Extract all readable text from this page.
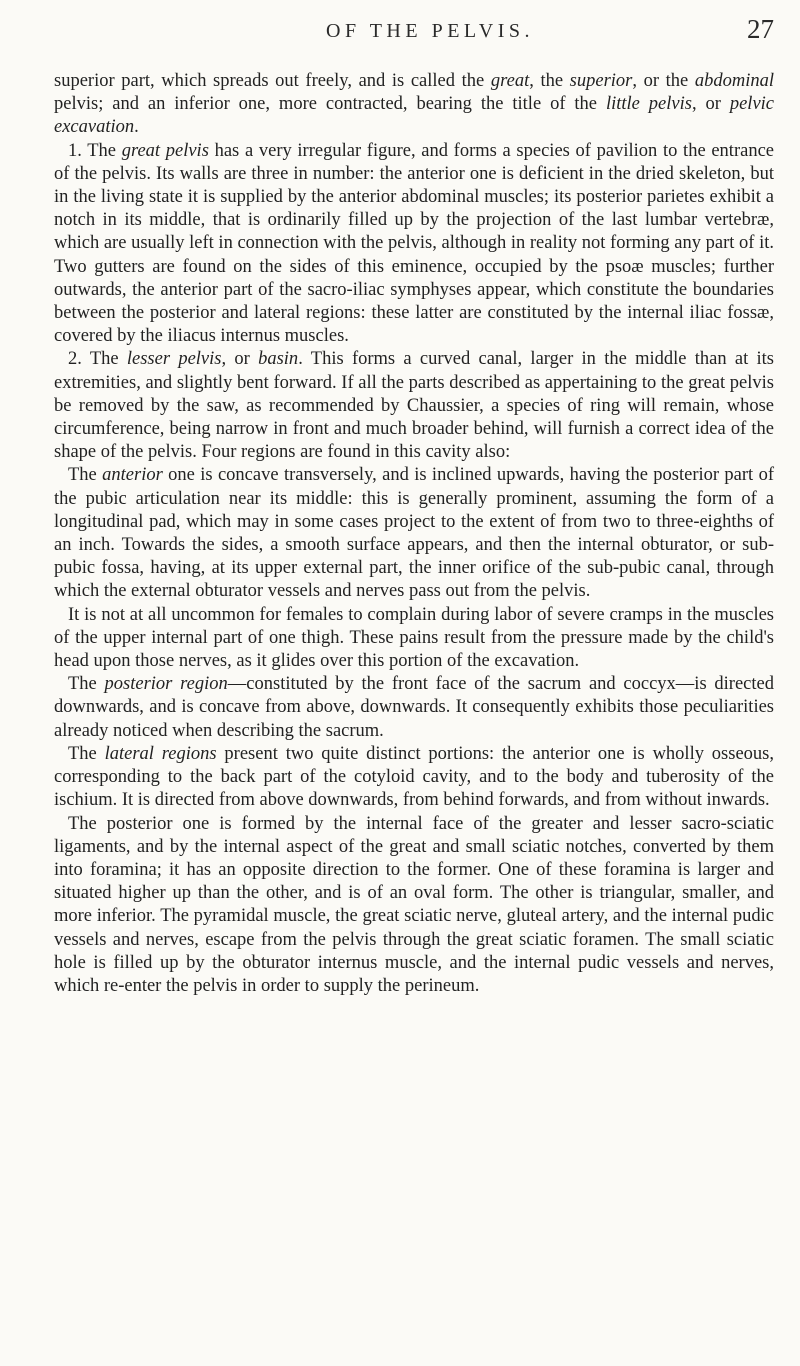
OF THE PELVIS.	27

superior part, which spreads out freely, and is called the great, the superior, or the abdominal pelvis; and an inferior one, more contracted, bearing the title of the little pelvis, or pelvic excavation.

1. The great pelvis has a very irregular figure, and forms a species of pavilion to the entrance of the pelvis. Its walls are three in number: the anterior one is deficient in the dried skeleton, but in the living state it is supplied by the anterior abdominal muscles; its posterior parietes exhibit a notch in its middle, that is ordinarily filled up by the projection of the last lumbar vertebræ, which are usually left in connection with the pelvis, although in reality not forming any part of it. Two gutters are found on the sides of this eminence, occupied by the psoæ muscles; further outwards, the anterior part of the sacro-iliac symphyses appear, which constitute the boundaries between the posterior and lateral regions: these latter are constituted by the internal iliac fossæ, covered by the iliacus internus muscles.

2. The lesser pelvis, or basin. This forms a curved canal, larger in the middle than at its extremities, and slightly bent forward. If all the parts described as appertaining to the great pelvis be removed by the saw, as recommended by Chaussier, a species of ring will remain, whose circumference, being narrow in front and much broader behind, will furnish a correct idea of the shape of the pelvis. Four regions are found in this cavity also:

The anterior one is concave transversely, and is inclined upwards, having the posterior part of the pubic articulation near its middle: this is generally prominent, assuming the form of a longitudinal pad, which may in some cases project to the extent of from two to three-eighths of an inch. Towards the sides, a smooth surface appears, and then the internal obturator, or sub-pubic fossa, having, at its upper external part, the inner orifice of the sub-pubic canal, through which the external obturator vessels and nerves pass out from the pelvis.

It is not at all uncommon for females to complain during labor of severe cramps in the muscles of the upper internal part of one thigh. These pains result from the pressure made by the child's head upon those nerves, as it glides over this portion of the excavation.

The posterior region—constituted by the front face of the sacrum and coccyx—is directed downwards, and is concave from above, downwards. It consequently exhibits those peculiarities already noticed when describing the sacrum.

The lateral regions present two quite distinct portions: the anterior one is wholly osseous, corresponding to the back part of the cotyloid cavity, and to the body and tuberosity of the ischium. It is directed from above downwards, from behind forwards, and from without inwards.

The posterior one is formed by the internal face of the greater and lesser sacro-sciatic ligaments, and by the internal aspect of the great and small sciatic notches, converted by them into foramina; it has an opposite direction to the former. One of these foramina is larger and situated higher up than the other, and is of an oval form. The other is triangular, smaller, and more inferior. The pyramidal muscle, the great sciatic nerve, gluteal artery, and the internal pudic vessels and nerves, escape from the pelvis through the great sciatic foramen. The small sciatic hole is filled up by the obturator internus muscle, and the internal pudic vessels and nerves, which re-enter the pelvis in order to supply the perineum.
